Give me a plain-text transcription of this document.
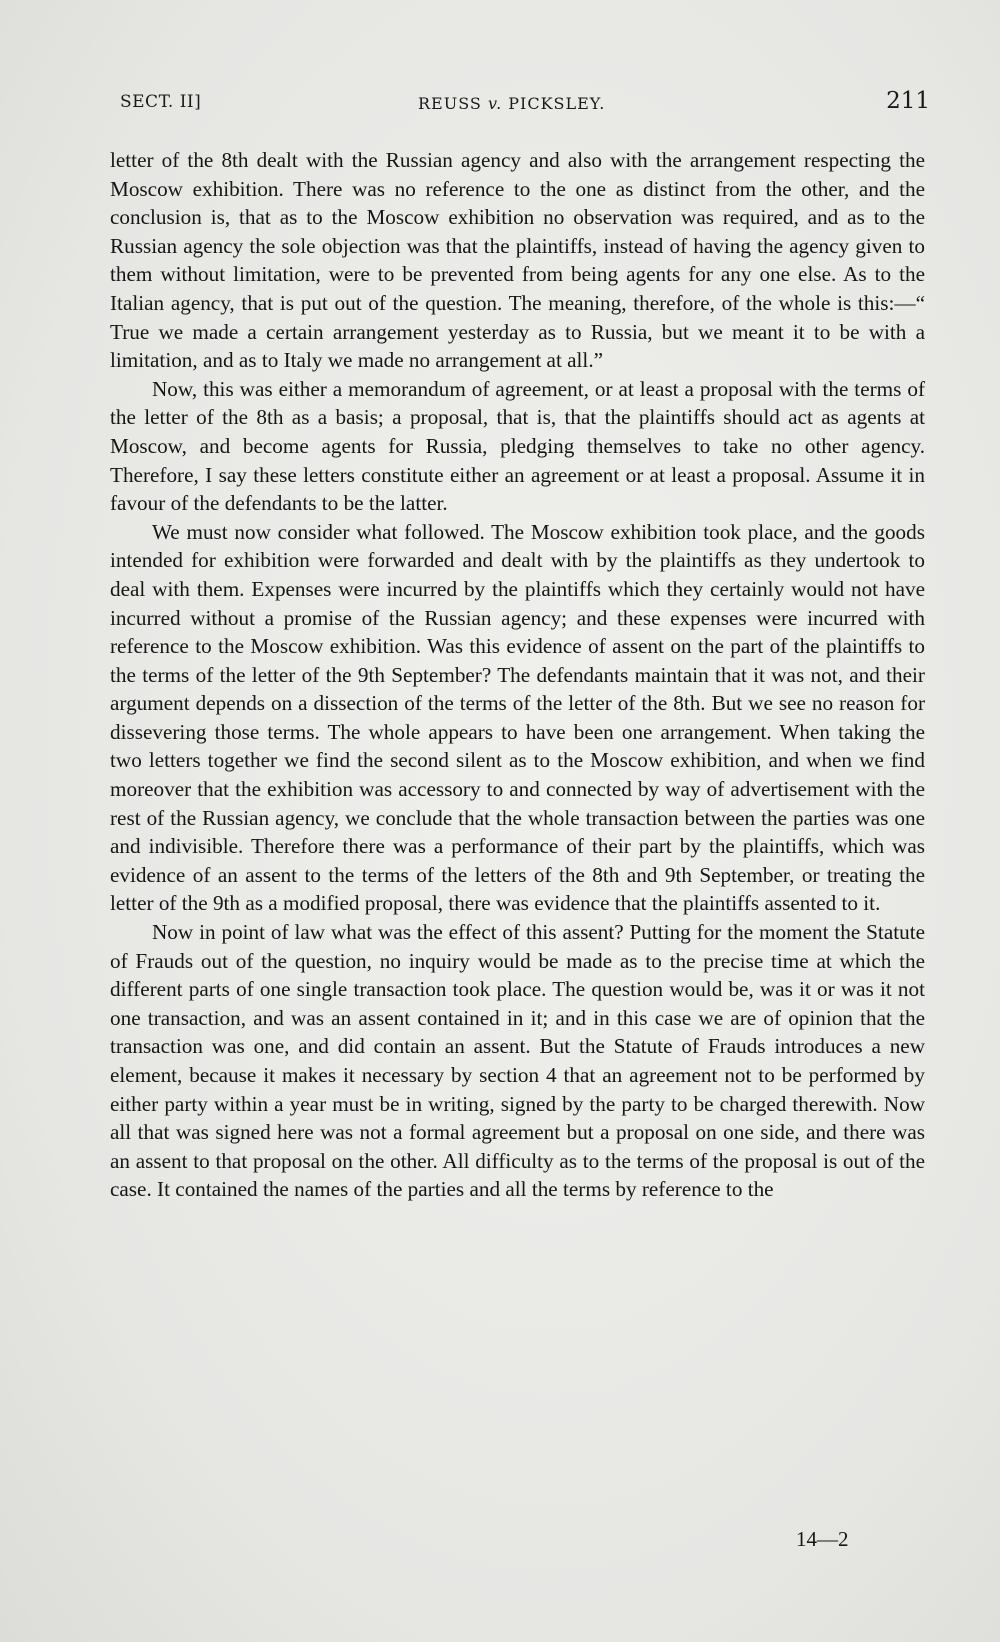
SECT. II]	REUSS v. PICKSLEY.	211

letter of the 8th dealt with the Russian agency and also with the arrangement respecting the Moscow exhibition. There was no reference to the one as distinct from the other, and the conclusion is, that as to the Moscow exhibition no observation was required, and as to the Russian agency the sole objection was that the plaintiffs, instead of having the agency given to them without limitation, were to be prevented from being agents for any one else. As to the Italian agency, that is put out of the question. The meaning, therefore, of the whole is this:—“ True we made a certain arrangement yesterday as to Russia, but we meant it to be with a limitation, and as to Italy we made no arrangement at all.”

Now, this was either a memorandum of agreement, or at least a proposal with the terms of the letter of the 8th as a basis; a proposal, that is, that the plaintiffs should act as agents at Moscow, and become agents for Russia, pledging themselves to take no other agency. Therefore, I say these letters constitute either an agreement or at least a proposal. Assume it in favour of the defendants to be the latter.

We must now consider what followed. The Moscow exhibition took place, and the goods intended for exhibition were forwarded and dealt with by the plaintiffs as they undertook to deal with them. Expenses were incurred by the plaintiffs which they certainly would not have incurred without a promise of the Russian agency; and these expenses were incurred with reference to the Moscow exhibition. Was this evidence of assent on the part of the plaintiffs to the terms of the letter of the 9th September? The defendants maintain that it was not, and their argument depends on a dissection of the terms of the letter of the 8th. But we see no reason for dissevering those terms. The whole appears to have been one arrangement. When taking the two letters together we find the second silent as to the Moscow exhibition, and when we find moreover that the exhibition was accessory to and connected by way of advertisement with the rest of the Russian agency, we conclude that the whole transaction between the parties was one and indivisible. Therefore there was a performance of their part by the plaintiffs, which was evidence of an assent to the terms of the letters of the 8th and 9th September, or treating the letter of the 9th as a modified proposal, there was evidence that the plaintiffs assented to it.

Now in point of law what was the effect of this assent? Putting for the moment the Statute of Frauds out of the question, no inquiry would be made as to the precise time at which the different parts of one single transaction took place. The question would be, was it or was it not one transaction, and was an assent contained in it; and in this case we are of opinion that the transaction was one, and did contain an assent. But the Statute of Frauds introduces a new element, because it makes it necessary by section 4 that an agreement not to be performed by either party within a year must be in writing, signed by the party to be charged therewith. Now all that was signed here was not a formal agreement but a proposal on one side, and there was an assent to that proposal on the other. All difficulty as to the terms of the proposal is out of the case. It contained the names of the parties and all the terms by reference to the

14—2
